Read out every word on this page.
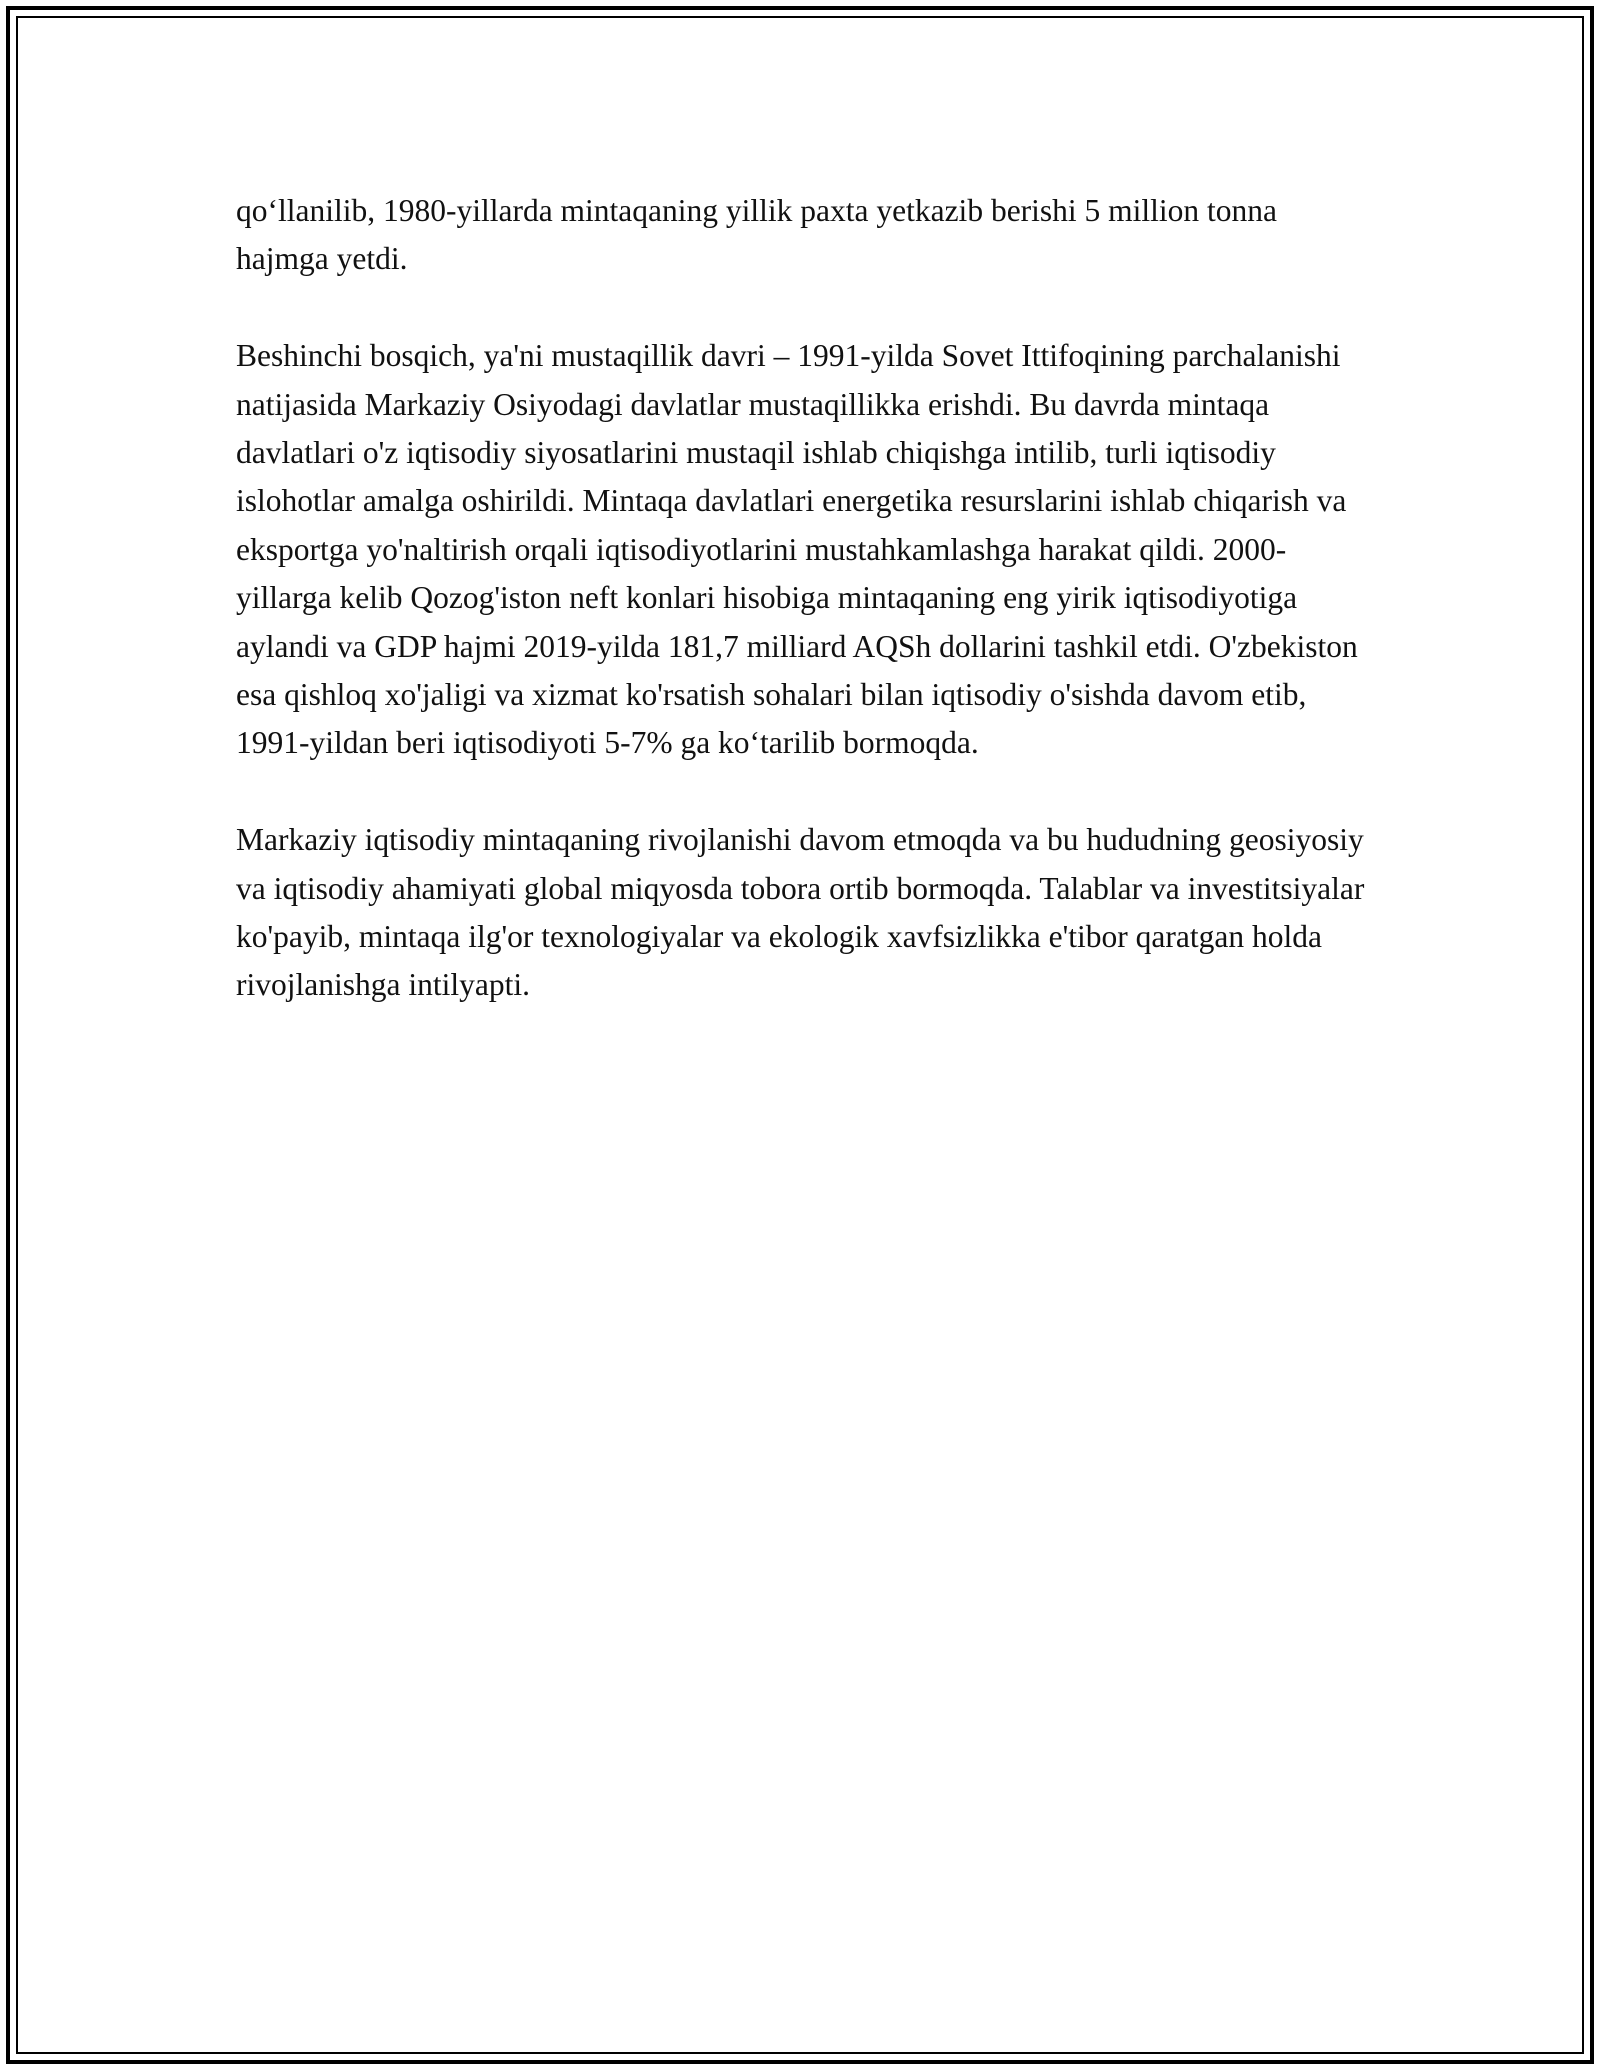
qo‘llanilib, 1980-yillarda mintaqaning yillik paxta yetkazib berishi 5 million tonna hajmga yetdi.

Beshinchi bosqich, ya'ni mustaqillik davri – 1991-yilda Sovet Ittifoqining parchalanishi natijasida Markaziy Osiyodagi davlatlar mustaqillikka erishdi. Bu davrda mintaqa davlatlari o'z iqtisodiy siyosatlarini mustaqil ishlab chiqishga intilib, turli iqtisodiy islohotlar amalga oshirildi. Mintaqa davlatlari energetika resurslarini ishlab chiqarish va eksportga yo'naltirish orqali iqtisodiyotlarini mustahkamlashga harakat qildi. 2000-yillarga kelib Qozog'iston neft konlari hisobiga mintaqaning eng yirik iqtisodiyotiga aylandi va GDP hajmi 2019-yilda 181,7 milliard AQSh dollarini tashkil etdi. O'zbekiston esa qishloq xo'jaligi va xizmat ko'rsatish sohalari bilan iqtisodiy o'sishda davom etib, 1991-yildan beri iqtisodiyoti 5-7% ga ko‘tarilib bormoqda.

Markaziy iqtisodiy mintaqaning rivojlanishi davom etmoqda va bu hududning geosiyosiy va iqtisodiy ahamiyati global miqyosda tobora ortib bormoqda. Talablar va investitsiyalar ko'payib, mintaqa ilg'or texnologiyalar va ekologik xavfsizlikka e'tibor qaratgan holda rivojlanishga intilyapti.
